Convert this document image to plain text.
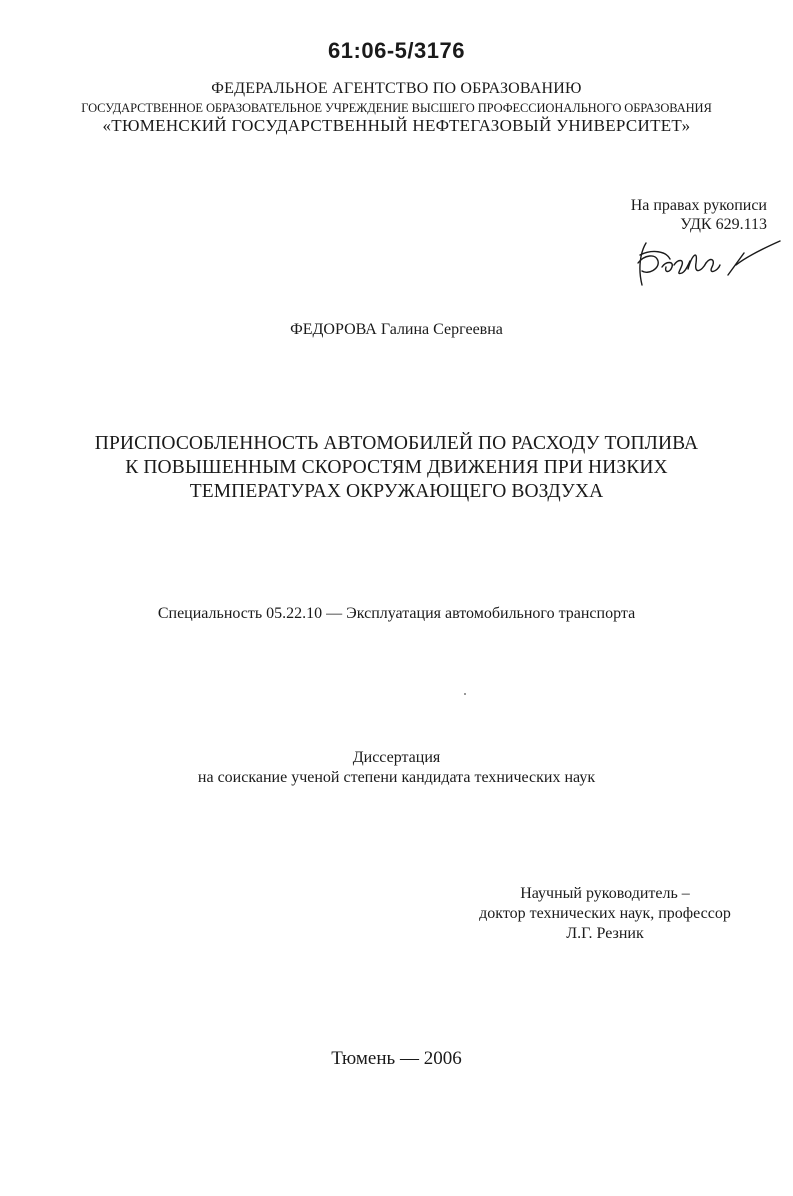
61:06-5/3176
ФЕДЕРАЛЬНОЕ АГЕНТСТВО ПО ОБРАЗОВАНИЮ
ГОСУДАРСТВЕННОЕ ОБРАЗОВАТЕЛЬНОЕ УЧРЕЖДЕНИЕ ВЫСШЕГО ПРОФЕССИОНАЛЬНОГО ОБРАЗОВАНИЯ
«ТЮМЕНСКИЙ ГОСУДАРСТВЕННЫЙ НЕФТЕГАЗОВЫЙ УНИВЕРСИТЕТ»
На правах рукописи
УДК 629.113
ФЕДОРОВА Галина Сергеевна
ПРИСПОСОБЛЕННОСТЬ АВТОМОБИЛЕЙ ПО РАСХОДУ ТОПЛИВА
К ПОВЫШЕННЫМ СКОРОСТЯМ ДВИЖЕНИЯ ПРИ НИЗКИХ
ТЕМПЕРАТУРАХ ОКРУЖАЮЩЕГО ВОЗДУХА
Специальность 05.22.10 — Эксплуатация автомобильного транспорта
Диссертация
на соискание ученой степени кандидата технических наук
Научный руководитель –
доктор технических наук, профессор
Л.Г. Резник
Тюмень — 2006
